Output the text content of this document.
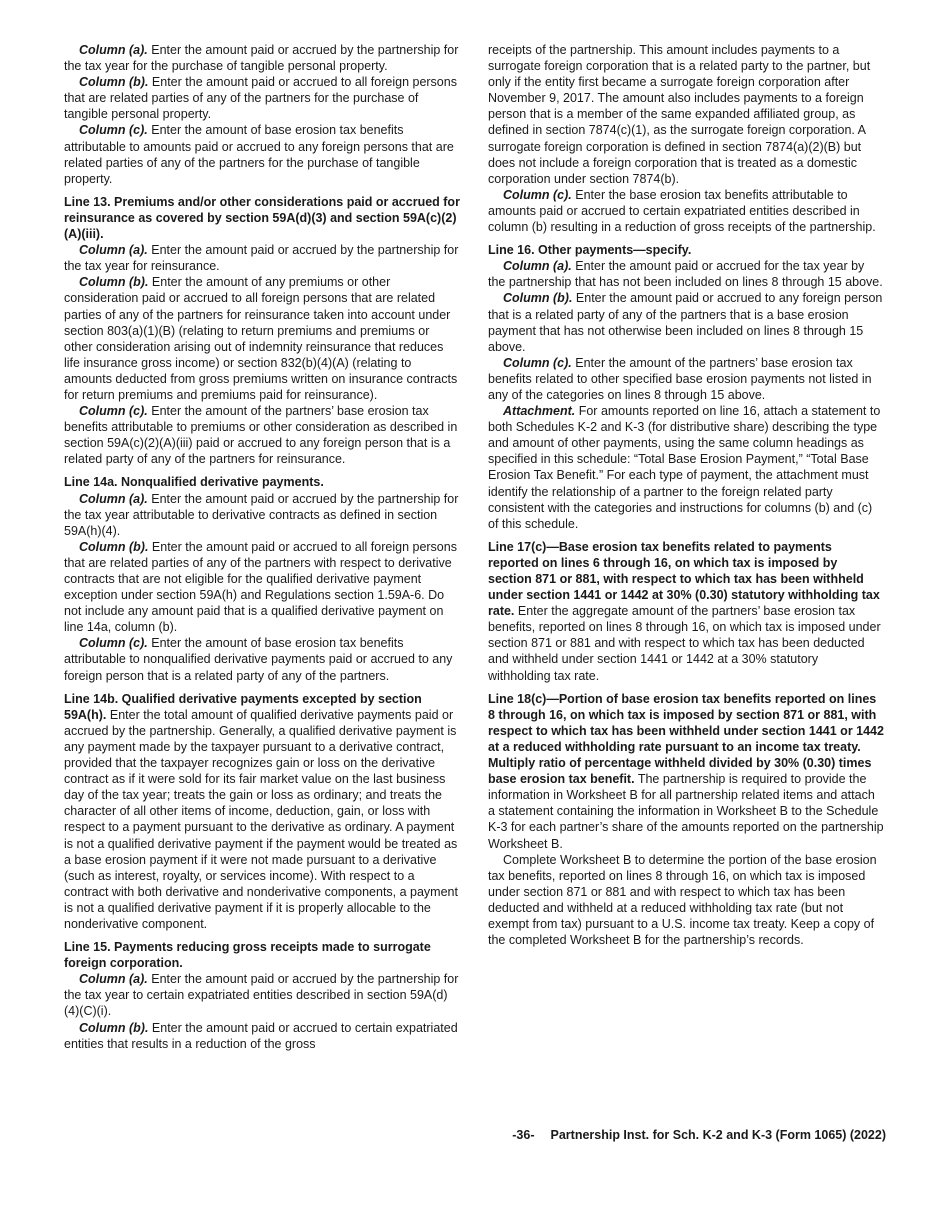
Column (a). Enter the amount paid or accrued by the partnership for the tax year for the purchase of tangible personal property.

Column (b). Enter the amount paid or accrued to all foreign persons that are related parties of any of the partners for the purchase of tangible personal property.

Column (c). Enter the amount of base erosion tax benefits attributable to amounts paid or accrued to any foreign persons that are related parties of any of the partners for the purchase of tangible property.

Line 13. Premiums and/or other considerations paid or accrued for reinsurance as covered by section 59A(d)(3) and section 59A(c)(2)(A)(iii).

Column (a). Enter the amount paid or accrued by the partnership for the tax year for reinsurance.

Column (b). Enter the amount of any premiums or other consideration paid or accrued to all foreign persons that are related parties of any of the partners for reinsurance taken into account under section 803(a)(1)(B) (relating to return premiums and premiums or other consideration arising out of indemnity reinsurance that reduces life insurance gross income) or section 832(b)(4)(A) (relating to amounts deducted from gross premiums written on insurance contracts for return premiums and premiums paid for reinsurance).

Column (c). Enter the amount of the partners’ base erosion tax benefits attributable to premiums or other consideration as described in section 59A(c)(2)(A)(iii) paid or accrued to any foreign person that is a related party of any of the partners for reinsurance.

Line 14a. Nonqualified derivative payments.

Column (a). Enter the amount paid or accrued by the partnership for the tax year attributable to derivative contracts as defined in section 59A(h)(4).

Column (b). Enter the amount paid or accrued to all foreign persons that are related parties of any of the partners with respect to derivative contracts that are not eligible for the qualified derivative payment exception under section 59A(h) and Regulations section 1.59A-6. Do not include any amount paid that is a qualified derivative payment on line 14a, column (b).

Column (c). Enter the amount of base erosion tax benefits attributable to nonqualified derivative payments paid or accrued to any foreign person that is a related party of any of the partners.

Line 14b. Qualified derivative payments excepted by section 59A(h). Enter the total amount of qualified derivative payments paid or accrued by the partnership. Generally, a qualified derivative payment is any payment made by the taxpayer pursuant to a derivative contract, provided that the taxpayer recognizes gain or loss on the derivative contract as if it were sold for its fair market value on the last business day of the tax year; treats the gain or loss as ordinary; and treats the character of all other items of income, deduction, gain, or loss with respect to a payment pursuant to the derivative as ordinary. A payment is not a qualified derivative payment if the payment would be treated as a base erosion payment if it were not made pursuant to a derivative (such as interest, royalty, or services income). With respect to a contract with both derivative and nonderivative components, a payment is not a qualified derivative payment if it is properly allocable to the nonderivative component.

Line 15. Payments reducing gross receipts made to surrogate foreign corporation.

Column (a). Enter the amount paid or accrued by the partnership for the tax year to certain expatriated entities described in section 59A(d)(4)(C)(i).

Column (b). Enter the amount paid or accrued to certain expatriated entities that results in a reduction of the gross

receipts of the partnership. This amount includes payments to a surrogate foreign corporation that is a related party to the partner, but only if the entity first became a surrogate foreign corporation after November 9, 2017. The amount also includes payments to a foreign person that is a member of the same expanded affiliated group, as defined in section 7874(c)(1), as the surrogate foreign corporation. A surrogate foreign corporation is defined in section 7874(a)(2)(B) but does not include a foreign corporation that is treated as a domestic corporation under section 7874(b).

Column (c). Enter the base erosion tax benefits attributable to amounts paid or accrued to certain expatriated entities described in column (b) resulting in a reduction of gross receipts of the partnership.

Line 16. Other payments—specify.

Column (a). Enter the amount paid or accrued for the tax year by the partnership that has not been included on lines 8 through 15 above.

Column (b). Enter the amount paid or accrued to any foreign person that is a related party of any of the partners that is a base erosion payment that has not otherwise been included on lines 8 through 15 above.

Column (c). Enter the amount of the partners’ base erosion tax benefits related to other specified base erosion payments not listed in any of the categories on lines 8 through 15 above.

Attachment. For amounts reported on line 16, attach a statement to both Schedules K-2 and K-3 (for distributive share) describing the type and amount of other payments, using the same column headings as specified in this schedule: “Total Base Erosion Payment,” “Total Base Erosion Tax Benefit.” For each type of payment, the attachment must identify the relationship of a partner to the foreign related party consistent with the categories and instructions for columns (b) and (c) of this schedule.

Line 17(c)—Base erosion tax benefits related to payments reported on lines 6 through 16, on which tax is imposed by section 871 or 881, with respect to which tax has been withheld under section 1441 or 1442 at 30% (0.30) statutory withholding tax rate. Enter the aggregate amount of the partners’ base erosion tax benefits, reported on lines 8 through 16, on which tax is imposed under section 871 or 881 and with respect to which tax has been deducted and withheld under section 1441 or 1442 at a 30% statutory withholding tax rate.

Line 18(c)—Portion of base erosion tax benefits reported on lines 8 through 16, on which tax is imposed by section 871 or 881, with respect to which tax has been withheld under section 1441 or 1442 at a reduced withholding rate pursuant to an income tax treaty. Multiply ratio of percentage withheld divided by 30% (0.30) times base erosion tax benefit. The partnership is required to provide the information in Worksheet B for all partnership related items and attach a statement containing the information in Worksheet B to the Schedule K-3 for each partner’s share of the amounts reported on the partnership Worksheet B.

Complete Worksheet B to determine the portion of the base erosion tax benefits, reported on lines 8 through 16, on which tax is imposed under section 871 or 881 and with respect to which tax has been deducted and withheld at a reduced withholding tax rate (but not exempt from tax) pursuant to a U.S. income tax treaty. Keep a copy of the completed Worksheet B for the partnership’s records.

-36- Partnership Inst. for Sch. K-2 and K-3 (Form 1065) (2022)
